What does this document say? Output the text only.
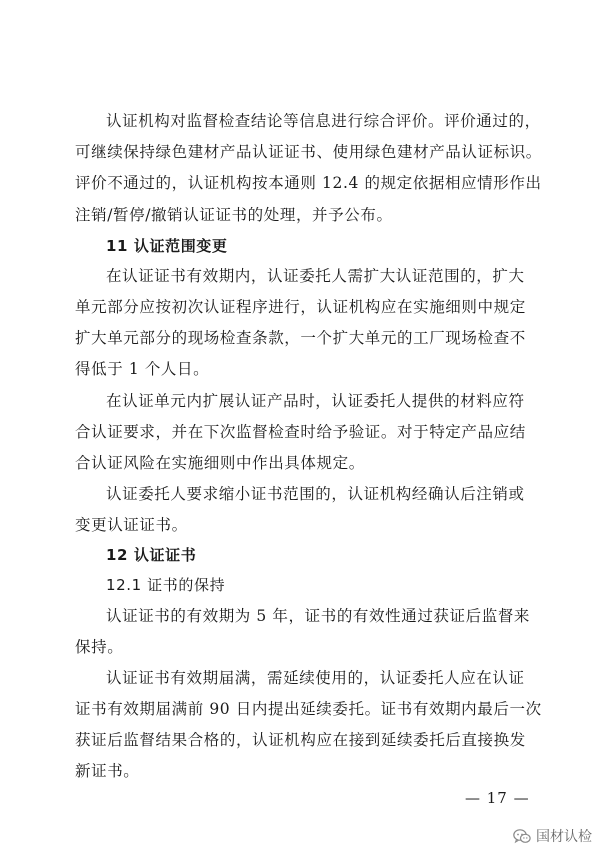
认证机构对监督检查结论等信息进行综合评价。评价通过的，
可继续保持绿色建材产品认证证书、使用绿色建材产品认证标识。
评价不通过的，认证机构按本通则 12.4 的规定依据相应情形作出
注销/暂停/撤销认证证书的处理，并予公布。
11 认证范围变更
在认证证书有效期内，认证委托人需扩大认证范围的，扩大
单元部分应按初次认证程序进行，认证机构应在实施细则中规定
扩大单元部分的现场检查条款，一个扩大单元的工厂现场检查不
得低于 1 个人日。
在认证单元内扩展认证产品时，认证委托人提供的材料应符
合认证要求，并在下次监督检查时给予验证。对于特定产品应结
合认证风险在实施细则中作出具体规定。
认证委托人要求缩小证书范围的，认证机构经确认后注销或
变更认证证书。
12 认证证书
12.1 证书的保持
认证证书的有效期为 5 年，证书的有效性通过获证后监督来
保持。
认证证书有效期届满，需延续使用的，认证委托人应在认证
证书有效期届满前 90 日内提出延续委托。证书有效期内最后一次
获证后监督结果合格的，认证机构应在接到延续委托后直接换发
新证书。
— 17 —
国材认检
